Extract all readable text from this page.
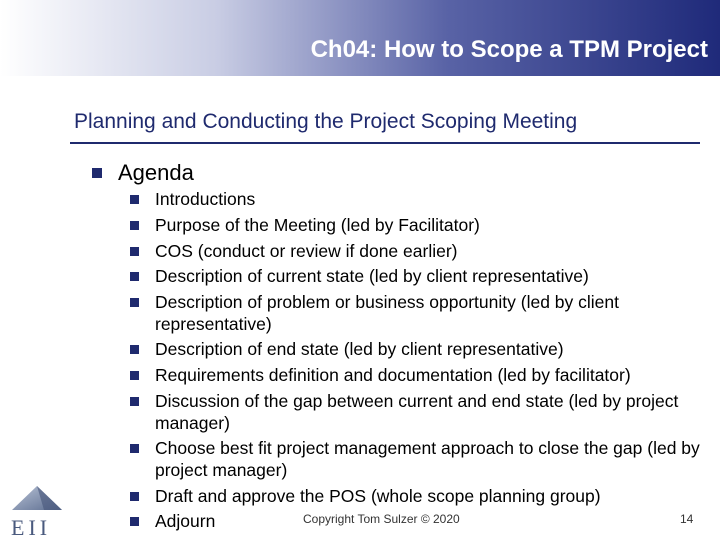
Ch04: How to Scope a TPM Project
Planning and Conducting the Project Scoping Meeting
Agenda
Introductions
Purpose of the Meeting (led by Facilitator)
COS (conduct or review if done earlier)
Description of current state (led by client representative)
Description of problem or business opportunity (led by client representative)
Description of end state (led by client representative)
Requirements definition and documentation (led by facilitator)
Discussion of the gap between current and end state (led by project manager)
Choose best fit project management approach to close the gap (led by project manager)
Draft and approve the POS (whole scope planning group)
Adjourn	Copyright Tom Sulzer © 2020	14
EII
